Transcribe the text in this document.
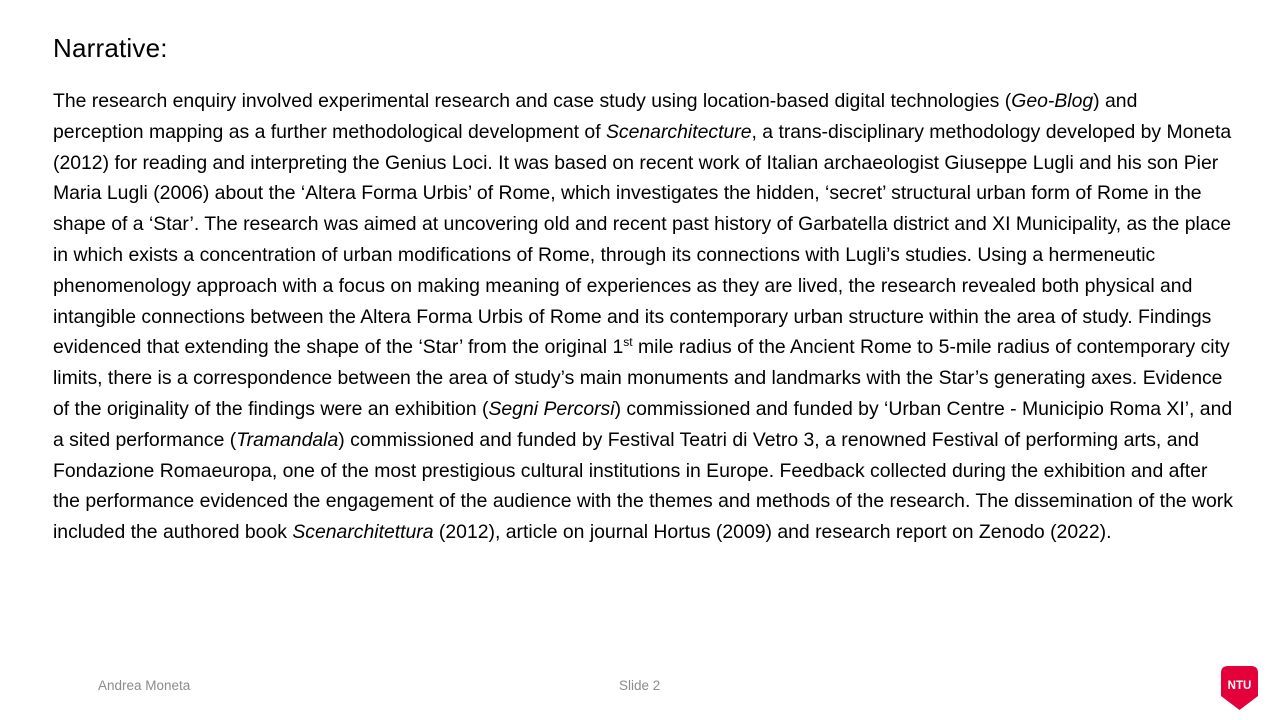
Narrative:
The research enquiry involved experimental research and case study using location-based digital technologies (Geo-Blog) and perception mapping as a further methodological development of Scenarchitecture, a trans-disciplinary methodology developed by Moneta (2012) for reading and interpreting the Genius Loci. It was based on recent work of Italian archaeologist Giuseppe Lugli and his son Pier Maria Lugli (2006) about the ‘Altera Forma Urbis’ of Rome, which investigates the hidden, ‘secret’ structural urban form of Rome in the shape of a ‘Star’. The research was aimed at uncovering old and recent past history of Garbatella district and XI Municipality, as the place in which exists a concentration of urban modifications of Rome, through its connections with Lugli’s studies. Using a hermeneutic phenomenology approach with a focus on making meaning of experiences as they are lived, the research revealed both physical and intangible connections between the Altera Forma Urbis of Rome and its contemporary urban structure within the area of study. Findings evidenced that extending the shape of the ‘Star’ from the original 1st mile radius of the Ancient Rome to 5-mile radius of contemporary city limits, there is a correspondence between the area of study’s main monuments and landmarks with the Star’s generating axes. Evidence of the originality of the findings were an exhibition (Segni Percorsi) commissioned and funded by ‘Urban Centre - Municipio Roma XI’, and a sited performance (Tramandala) commissioned and funded by Festival Teatri di Vetro 3, a renowned Festival of performing arts, and Fondazione Romaeuropa, one of the most prestigious cultural institutions in Europe. Feedback collected during the exhibition and after the performance evidenced the engagement of the audience with the themes and methods of the research. The dissemination of the work included the authored book Scenarchitettura (2012), article on journal Hortus (2009) and research report on Zenodo (2022).
Andrea Moneta	Slide 2	NTU
